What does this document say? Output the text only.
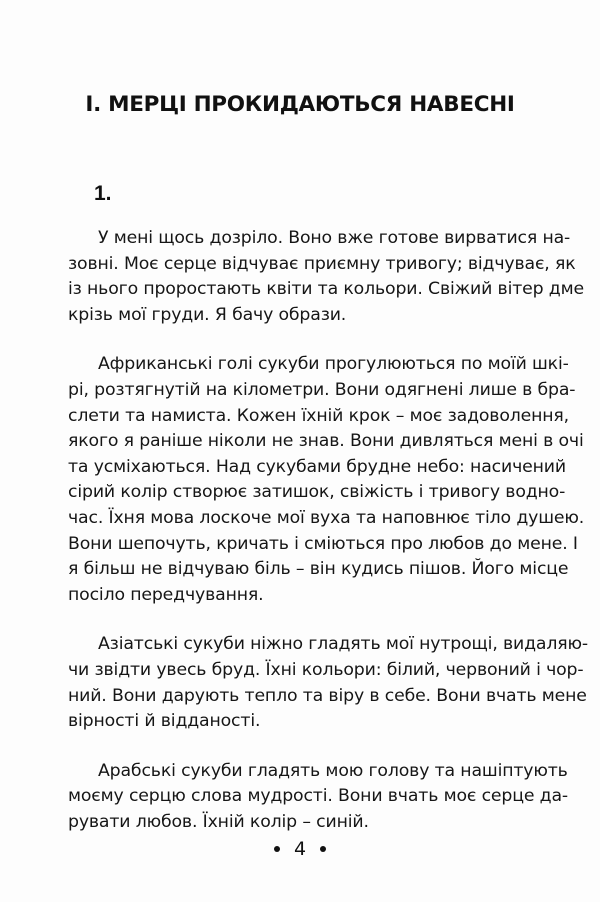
І. МЕРЦІ ПРОКИДАЮТЬСЯ НАВЕСНІ
1.

У мені щось дозріло. Воно вже готове вирватися на-
зовні. Моє серце відчуває приємну тривогу; відчуває, як
із нього проростають квіти та кольори. Свіжий вітер дме
крізь мої груди. Я бачу образи.

Африканські голі сукуби прогулюються по моїй шкі-
рі, розтягнутій на кілометри. Вони одягнені лише в бра-
слети та намиста. Кожен їхній крок – моє задоволення,
якого я раніше ніколи не знав. Вони дивляться мені в очі
та усміхаються. Над сукубами брудне небо: насичений
сірий колір створює затишок, свіжість і тривогу водно-
час. Їхня мова лоскоче мої вуха та наповнює тіло душею.
Вони шепочуть, кричать і сміються про любов до мене. І
я більш не відчуваю біль – він кудись пішов. Його місце
посіло передчування.

Азіатські сукуби ніжно гладять мої нутрощі, видаляю-
чи звідти увесь бруд. Їхні кольори: білий, червоний і чор-
ний. Вони дарують тепло та віру в себе. Вони вчать мене
вірності й відданості.

Арабські сукуби гладять мою голову та нашіптують
моєму серцю слова мудрості. Вони вчать моє серце да-
рувати любов. Їхній колір – синій.

4
